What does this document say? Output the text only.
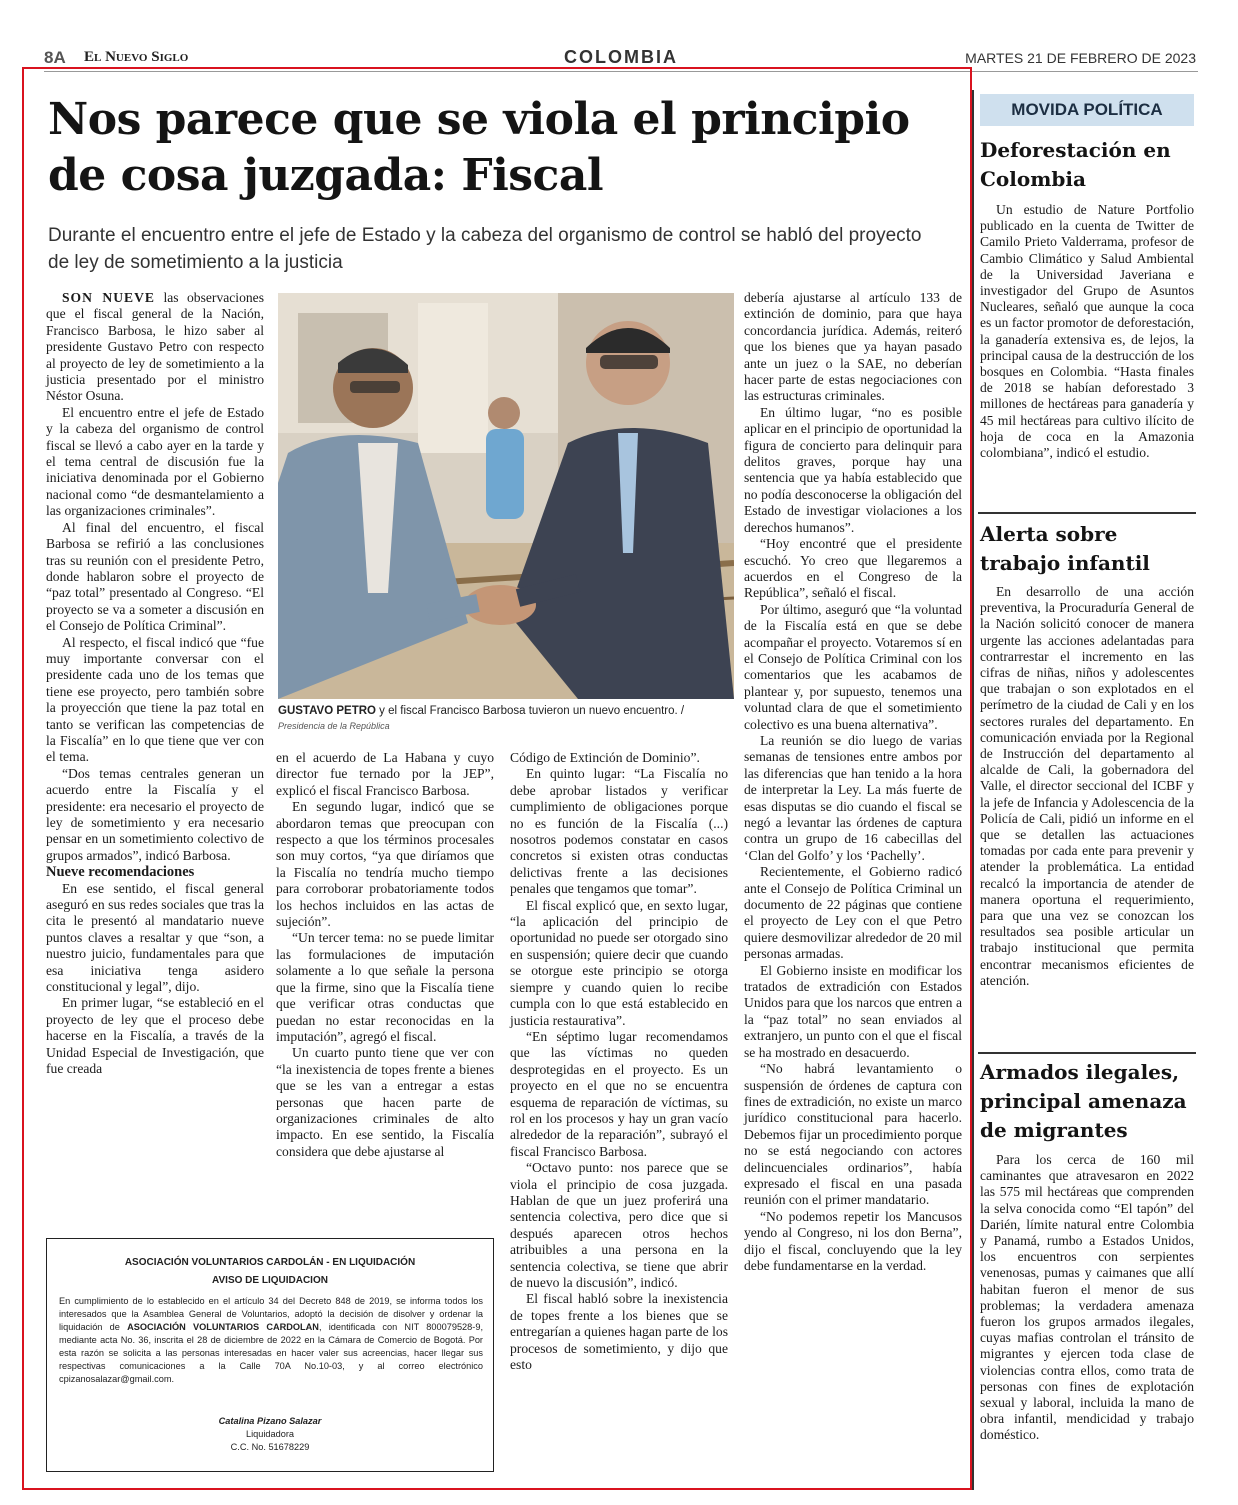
8A El Nuevo Siglo	COLOMBIA	MARTES 21 DE FEBRERO DE 2023
Nos parece que se viola el principio de cosa juzgada: Fiscal
Durante el encuentro entre el jefe de Estado y la cabeza del organismo de control se habló del proyecto de ley de sometimiento a la justicia

SON NUEVE las observaciones que el fiscal general de la Nación, Francisco Barbosa, le hizo saber al presidente Gustavo Petro con respecto al proyecto de ley de sometimiento a la justicia presentado por el ministro Néstor Osuna.

El encuentro entre el jefe de Estado y la cabeza del organismo de control fiscal se llevó a cabo ayer en la tarde y el tema central de discusión fue la iniciativa denominada por el Gobierno nacional como “de desmantelamiento a las organizaciones criminales”.

Al final del encuentro, el fiscal Barbosa se refirió a las conclusiones tras su reunión con el presidente Petro, donde hablaron sobre el proyecto de “paz total” presentado al Congreso. “El proyecto se va a someter a discusión en el Consejo de Política Criminal”.

Al respecto, el fiscal indicó que “fue muy importante conversar con el presidente cada uno de los temas que tiene ese proyecto, pero también sobre la proyección que tiene la paz total en tanto se verifican las competencias de la Fiscalía” en lo que tiene que ver con el tema.

“Dos temas centrales generan un acuerdo entre la Fiscalía y el presidente: era necesario el proyecto de ley de sometimiento y era necesario pensar en un sometimiento colectivo de grupos armados”, indicó Barbosa.

Nueve recomendaciones

En ese sentido, el fiscal general aseguró en sus redes sociales que tras la cita le presentó al mandatario nueve puntos claves a resaltar y que “son, a nuestro juicio, fundamentales para que esa iniciativa tenga asidero constitucional y legal”, dijo.

En primer lugar, “se estableció en el proyecto de ley que el proceso debe hacerse en la Fiscalía, a través de la Unidad Especial de Investigación, que fue creada

GUSTAVO PETRO y el fiscal Francisco Barbosa tuvieron un nuevo encuentro. /
Presidencia de la República

en el acuerdo de La Habana y cuyo director fue ternado por la JEP”, explicó el fiscal Francisco Barbosa.

En segundo lugar, indicó que se abordaron temas que preocupan con respecto a que los términos procesales son muy cortos, “ya que diríamos que la Fiscalía no tendría mucho tiempo para corroborar probatoriamente todos los hechos incluidos en las actas de sujeción”.

“Un tercer tema: no se puede limitar las formulaciones de imputación solamente a lo que señale la persona que la firme, sino que la Fiscalía tiene que verificar otras conductas que puedan no estar reconocidas en la imputación”, agregó el fiscal.

Un cuarto punto tiene que ver con “la inexistencia de topes frente a bienes que se les van a entregar a estas personas que hacen parte de organizaciones criminales de alto impacto. En ese sentido, la Fiscalía considera que debe ajustarse al

Código de Extinción de Dominio”.

En quinto lugar: “La Fiscalía no debe aprobar listados y verificar cumplimiento de obligaciones porque no es función de la Fiscalía (...) nosotros podemos constatar en casos concretos si existen otras conductas delictivas frente a las decisiones penales que tengamos que tomar”.

El fiscal explicó que, en sexto lugar, “la aplicación del principio de oportunidad no puede ser otorgado sino en suspensión; quiere decir que cuando se otorgue este principio se otorga siempre y cuando quien lo recibe cumpla con lo que está establecido en justicia restaurativa”.

“En séptimo lugar recomendamos que las víctimas no queden desprotegidas en el proyecto. Es un proyecto en el que no se encuentra esquema de reparación de víctimas, su rol en los procesos y hay un gran vacío alrededor de la reparación”, subrayó el fiscal Francisco Barbosa.

“Octavo punto: nos parece que se viola el principio de cosa juzgada. Hablan de que un juez proferirá una sentencia colectiva, pero dice que si después aparecen otros hechos atribuibles a una persona en la sentencia colectiva, se tiene que abrir de nuevo la discusión”, indicó.

El fiscal habló sobre la inexistencia de topes frente a los bienes que se entregarían a quienes hagan parte de los procesos de sometimiento, y dijo que esto

debería ajustarse al artículo 133 de extinción de dominio, para que haya concordancia jurídica. Además, reiteró que los bienes que ya hayan pasado ante un juez o la SAE, no deberían hacer parte de estas negociaciones con las estructuras criminales.

En último lugar, “no es posible aplicar en el principio de oportunidad la figura de concierto para delinquir para delitos graves, porque hay una sentencia que ya había establecido que no podía desconocerse la obligación del Estado de investigar violaciones a los derechos humanos”.

“Hoy encontré que el presidente escuchó. Yo creo que llegaremos a acuerdos en el Congreso de la República”, señaló el fiscal.

Por último, aseguró que “la voluntad de la Fiscalía está en que se debe acompañar el proyecto. Votaremos sí en el Consejo de Política Criminal con los comentarios que les acabamos de plantear y, por supuesto, tenemos una voluntad clara de que el sometimiento colectivo es una buena alternativa”.

La reunión se dio luego de varias semanas de tensiones entre ambos por las diferencias que han tenido a la hora de interpretar la Ley. La más fuerte de esas disputas se dio cuando el fiscal se negó a levantar las órdenes de captura contra un grupo de 16 cabecillas del ‘Clan del Golfo’ y los ‘Pachelly’.

Recientemente, el Gobierno radicó ante el Consejo de Política Criminal un documento de 22 páginas que contiene el proyecto de Ley con el que Petro quiere desmovilizar alrededor de 20 mil personas armadas.

El Gobierno insiste en modificar los tratados de extradición con Estados Unidos para que los narcos que entren a la “paz total” no sean enviados al extranjero, un punto con el que el fiscal se ha mostrado en desacuerdo.

“No habrá levantamiento o suspensión de órdenes de captura con fines de extradición, no existe un marco jurídico constitucional para hacerlo. Debemos fijar un procedimiento porque no se está negociando con actores delincuenciales ordinarios”, había expresado el fiscal en una pasada reunión con el primer mandatario.

“No podemos repetir los Mancusos yendo al Congreso, ni los don Berna”, dijo el fiscal, concluyendo que la ley debe fundamentarse en la verdad.

ASOCIACIÓN VOLUNTARIOS CARDOLÁN - EN LIQUIDACIÓN
AVISO DE LIQUIDACION
En cumplimiento de lo establecido en el artículo 34 del Decreto 848 de 2019, se informa todos los interesados que la Asamblea General de Voluntarios, adoptó la decisión de disolver y ordenar la liquidación de ASOCIACIÓN VOLUNTARIOS CARDOLAN, identificada con NIT 800079528-9, mediante acta No. 36, inscrita el 28 de diciembre de 2022 en la Cámara de Comercio de Bogotá. Por esta razón se solicita a las personas interesadas en hacer valer sus acreencias, hacer llegar sus respectivas comunicaciones a la Calle 70A No.10-03, y al correo electrónico cpizanosalazar@gmail.com.
Catalina Pizano Salazar
Liquidadora
C.C. No. 51678229
MOVIDA POLÍTICA
Deforestación en Colombia

Un estudio de Nature Portfolio publicado en la cuenta de Twitter de Camilo Prieto Valderrama, profesor de Cambio Climático y Salud Ambiental de la Universidad Javeriana e investigador del Grupo de Asuntos Nucleares, señaló que aunque la coca es un factor promotor de deforestación, la ganadería extensiva es, de lejos, la principal causa de la destrucción de los bosques en Colombia. “Hasta finales de 2018 se habían deforestado 3 millones de hectáreas para ganadería y 45 mil hectáreas para cultivo ilícito de hoja de coca en la Amazonia colombiana”, indicó el estudio.

Alerta sobre trabajo infantil

En desarrollo de una acción preventiva, la Procuraduría General de la Nación solicitó conocer de manera urgente las acciones adelantadas para contrarrestar el incremento en las cifras de niñas, niños y adolescentes que trabajan o son explotados en el perímetro de la ciudad de Cali y en los sectores rurales del departamento. En comunicación enviada por la Regional de Instrucción del departamento al alcalde de Cali, la gobernadora del Valle, el director seccional del ICBF y la jefe de Infancia y Adolescencia de la Policía de Cali, pidió un informe en el que se detallen las actuaciones tomadas por cada ente para prevenir y atender la problemática. La entidad recalcó la importancia de atender de manera oportuna el requerimiento, para que una vez se conozcan los resultados sea posible articular un trabajo institucional que permita encontrar mecanismos eficientes de atención.

Armados ilegales, principal amenaza de migrantes

Para los cerca de 160 mil caminantes que atravesaron en 2022 las 575 mil hectáreas que comprenden la selva conocida como “El tapón” del Darién, límite natural entre Colombia y Panamá, rumbo a Estados Unidos, los encuentros con serpientes venenosas, pumas y caimanes que allí habitan fueron el menor de sus problemas; la verdadera amenaza fueron los grupos armados ilegales, cuyas mafias controlan el tránsito de migrantes y ejercen toda clase de violencias contra ellos, como trata de personas con fines de explotación sexual y laboral, incluida la mano de obra infantil, mendicidad y trabajo doméstico.
